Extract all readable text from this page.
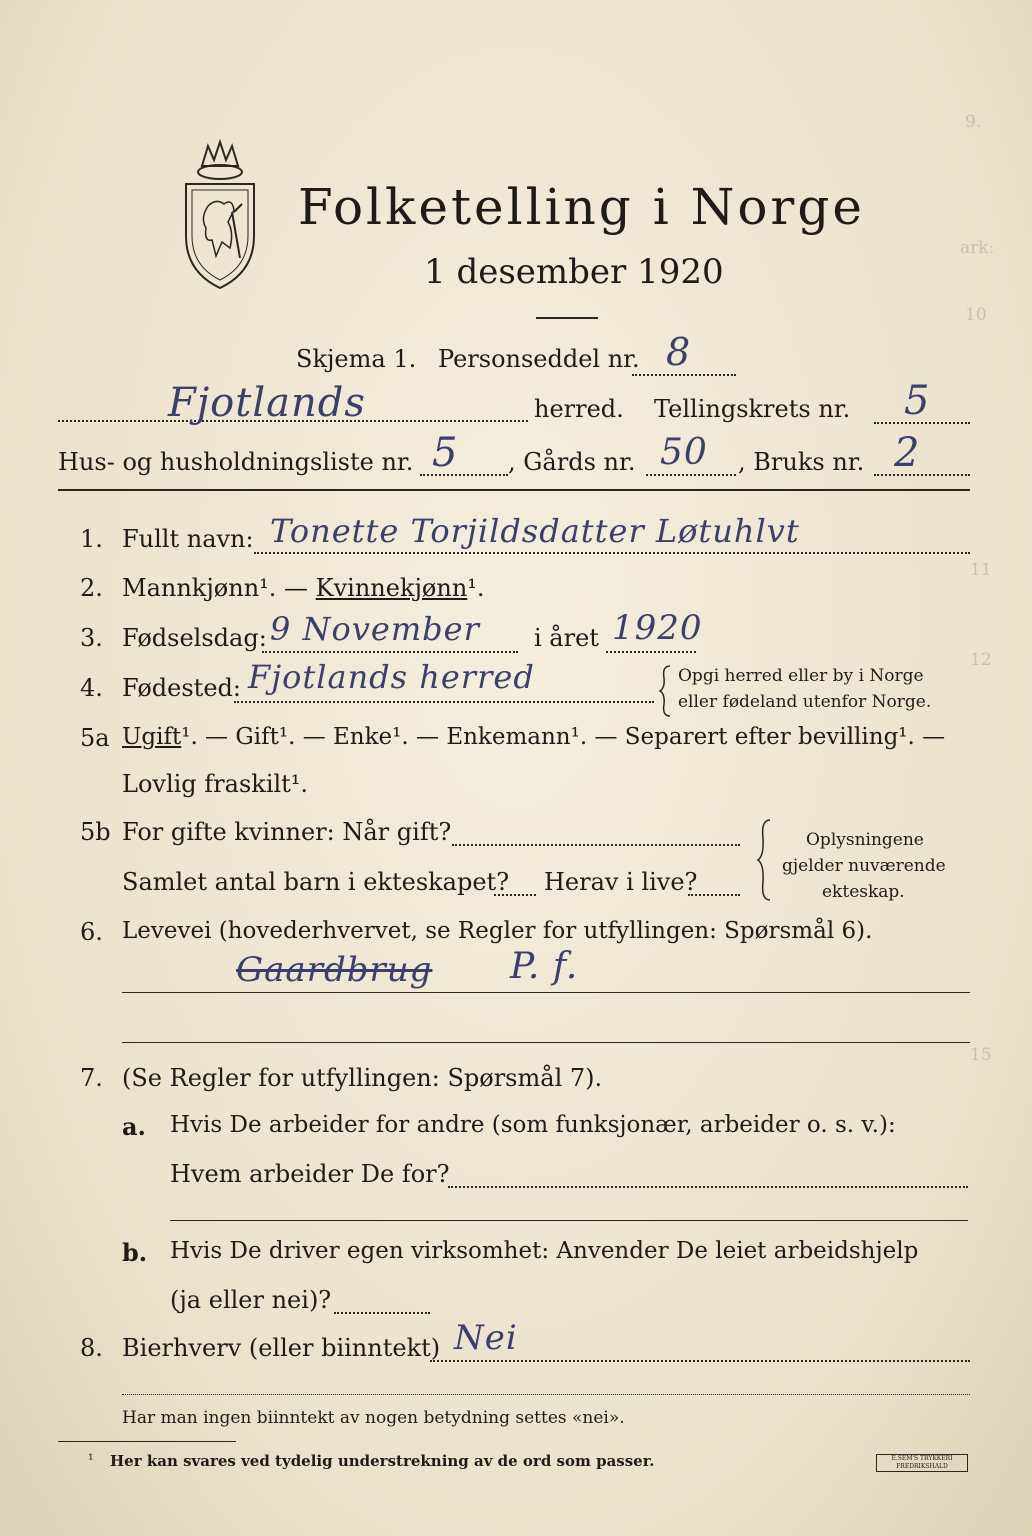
9.
ark:
10
11
12
15
Folketelling i Norge
1 desember 1920
Skjema 1. Personseddel nr. 8
Fjotlands	herred. Tellingskrets nr. 5
Hus- og husholdningsliste nr. 5 , Gårds nr. 50 , Bruks nr. 2
1. Fullt navn: Tonette Torjildsdatter Løtuhlvt
2. Mannkjønn¹. — Kvinnekjønn¹.
3. Fødselsdag: 9 November i året 1920
4. Fødested: Fjotlands herred	Opgi herred eller by i Norge
eller fødeland utenfor Norge.
5a Ugift¹. — Gift¹. — Enke¹. — Enkemann¹. — Separert efter bevilling¹. —
Lovlig fraskilt¹.
5b For gifte kvinner: Når gift?
Samlet antal barn i ekteskapet? Herav i live?
Oplysningene
gjelder nuværende
ekteskap.
6. Levevei (hovederhvervet, se Regler for utfyllingen: Spørsmål 6).
Gaardbrug P. f.
7. (Se Regler for utfyllingen: Spørsmål 7).
a. Hvis De arbeider for andre (som funksjonær, arbeider o. s. v.):
Hvem arbeider De for?
b. Hvis De driver egen virksomhet: Anvender De leiet arbeidshjelp
(ja eller nei)?
8. Bierhverv (eller biinntekt) Nei
Har man ingen biinntekt av nogen betydning settes «nei».
¹ Her kan svares ved tydelig understrekning av de ord som passer.	E.SEM'S TRYKKERI FREDRIKSHALD
